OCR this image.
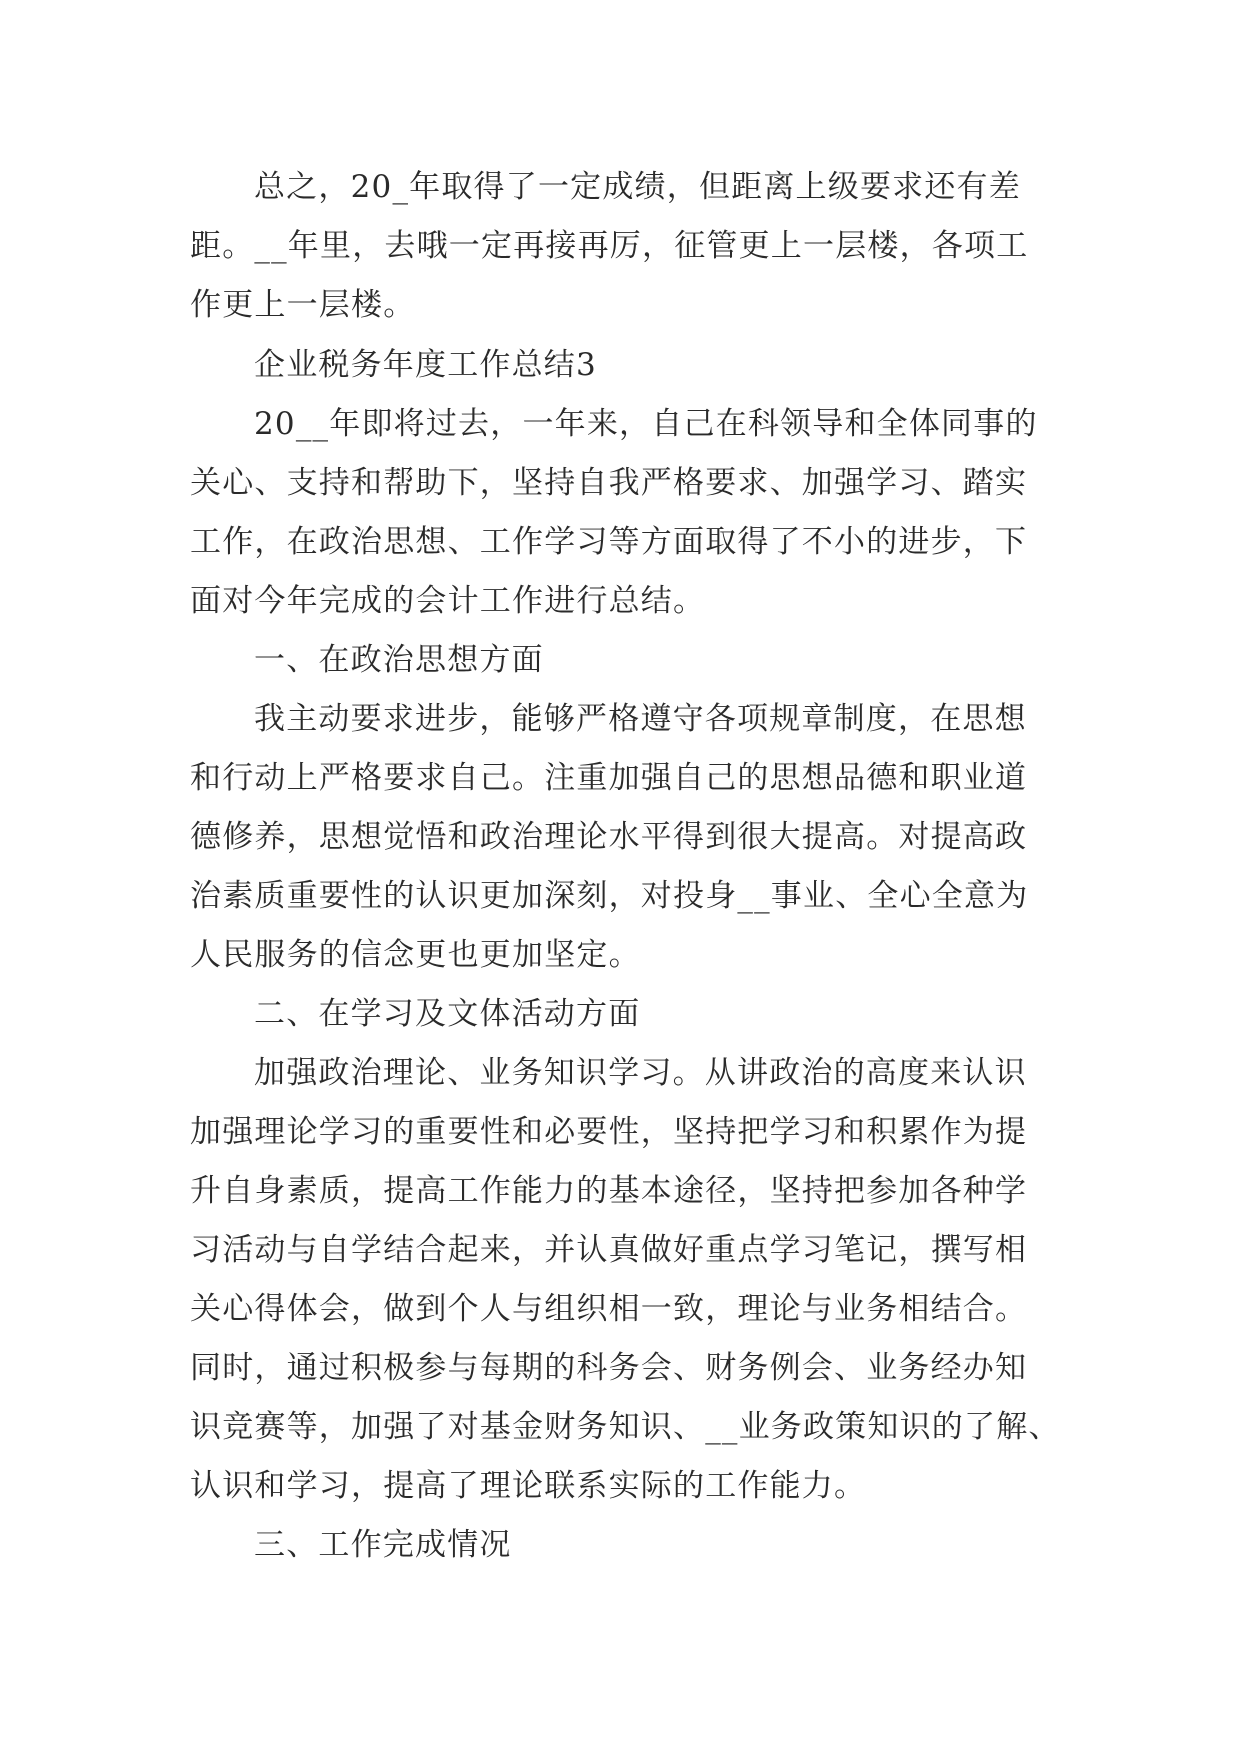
总之，20_年取得了一定成绩，但距离上级要求还有差

距。__年里，去哦一定再接再厉，征管更上一层楼，各项工

作更上一层楼。

企业税务年度工作总结3

20__年即将过去，一年来，自己在科领导和全体同事的

关心、支持和帮助下，坚持自我严格要求、加强学习、踏实

工作，在政治思想、工作学习等方面取得了不小的进步，下

面对今年完成的会计工作进行总结。

一、在政治思想方面

我主动要求进步，能够严格遵守各项规章制度，在思想

和行动上严格要求自己。注重加强自己的思想品德和职业道

德修养，思想觉悟和政治理论水平得到很大提高。对提高政

治素质重要性的认识更加深刻，对投身__事业、全心全意为

人民服务的信念更也更加坚定。

二、在学习及文体活动方面

加强政治理论、业务知识学习。从讲政治的高度来认识

加强理论学习的重要性和必要性，坚持把学习和积累作为提

升自身素质，提高工作能力的基本途径，坚持把参加各种学

习活动与自学结合起来，并认真做好重点学习笔记，撰写相

关心得体会，做到个人与组织相一致，理论与业务相结合。

同时，通过积极参与每期的科务会、财务例会、业务经办知

识竞赛等，加强了对基金财务知识、__业务政策知识的了解、

认识和学习，提高了理论联系实际的工作能力。

三、工作完成情况
